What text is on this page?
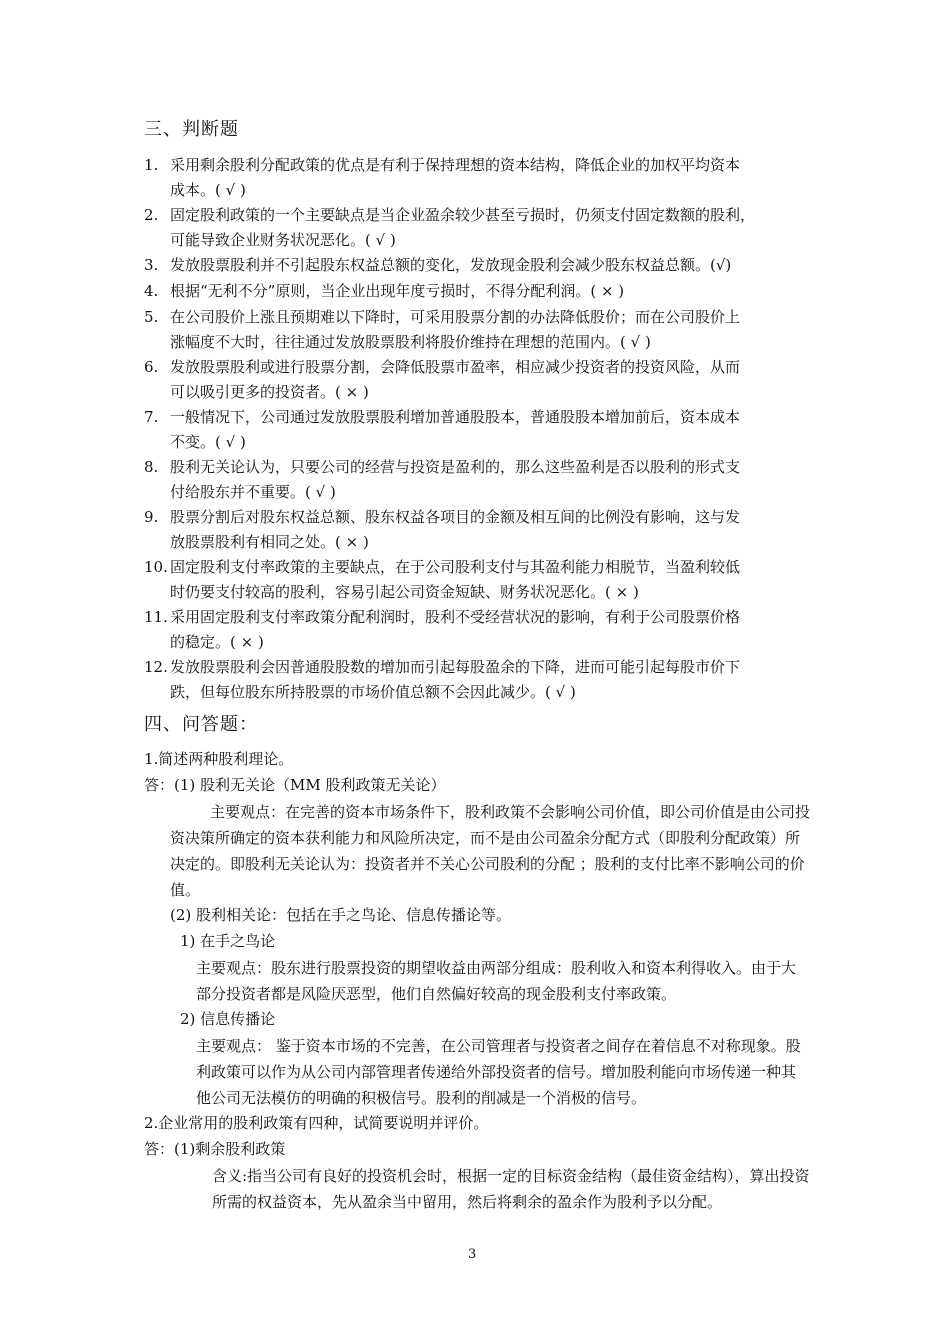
三、判断题
1. 采用剩余股利分配政策的优点是有利于保持理想的资本结构，降低企业的加权平均资本
成本。( √ )
2. 固定股利政策的一个主要缺点是当企业盈余较少甚至亏损时，仍须支付固定数额的股利，
可能导致企业财务状况恶化。( √ )
3. 发放股票股利并不引起股东权益总额的变化，发放现金股利会减少股东权益总额。(√)
4. 根据“无利不分”原则，当企业出现年度亏损时，不得分配利润。( × )
5. 在公司股价上涨且预期难以下降时，可采用股票分割的办法降低股价；而在公司股价上
涨幅度不大时，往往通过发放股票股利将股价维持在理想的范围内。( √ )
6. 发放股票股利或进行股票分割，会降低股票市盈率，相应减少投资者的投资风险，从而
可以吸引更多的投资者。( × )
7. 一般情况下，公司通过发放股票股利增加普通股股本，普通股股本增加前后，资本成本
不变。( √ )
8. 股利无关论认为，只要公司的经营与投资是盈利的，那么这些盈利是否以股利的形式支
付给股东并不重要。( √ )
9. 股票分割后对股东权益总额、股东权益各项目的金额及相互间的比例没有影响，这与发
放股票股利有相同之处。( × )
10. 固定股利支付率政策的主要缺点，在于公司股利支付与其盈利能力相脱节，当盈利较低
时仍要支付较高的股利，容易引起公司资金短缺、财务状况恶化。( × )
11. 采用固定股利支付率政策分配利润时，股利不受经营状况的影响，有利于公司股票价格
的稳定。( × )
12. 发放股票股利会因普通股股数的增加而引起每股盈余的下降，进而可能引起每股市价下
跌，但每位股东所持股票的市场价值总额不会因此减少。( √ )
四、问答题：
1.简述两种股利理论。
答：(1) 股利无关论（MM 股利政策无关论）
主要观点：在完善的资本市场条件下，股利政策不会影响公司价值，即公司价值是由公司投资决策所确定的资本获利能力和风险所决定，而不是由公司盈余分配方式（即股利分配政策）所决定的。即股利无关论认为：投资者并不关心公司股利的分配 ；股利的支付比率不影响公司的价值。
(2) 股利相关论：包括在手之鸟论、信息传播论等。
1) 在手之鸟论
主要观点：股东进行股票投资的期望收益由两部分组成：股利收入和资本利得收入。由于大部分投资者都是风险厌恶型，他们自然偏好较高的现金股利支付率政策。
2) 信息传播论
主要观点： 鉴于资本市场的不完善，在公司管理者与投资者之间存在着信息不对称现象。股利政策可以作为从公司内部管理者传递给外部投资者的信号。增加股利能向市场传递一种其他公司无法模仿的明确的积极信号。股利的削减是一个消极的信号。
2.企业常用的股利政策有四种，试简要说明并评价。
答：(1)剩余股利政策
含义:指当公司有良好的投资机会时，根据一定的目标资金结构（最佳资金结构），算出投资所需的权益资本，先从盈余当中留用，然后将剩余的盈余作为股利予以分配。
3
